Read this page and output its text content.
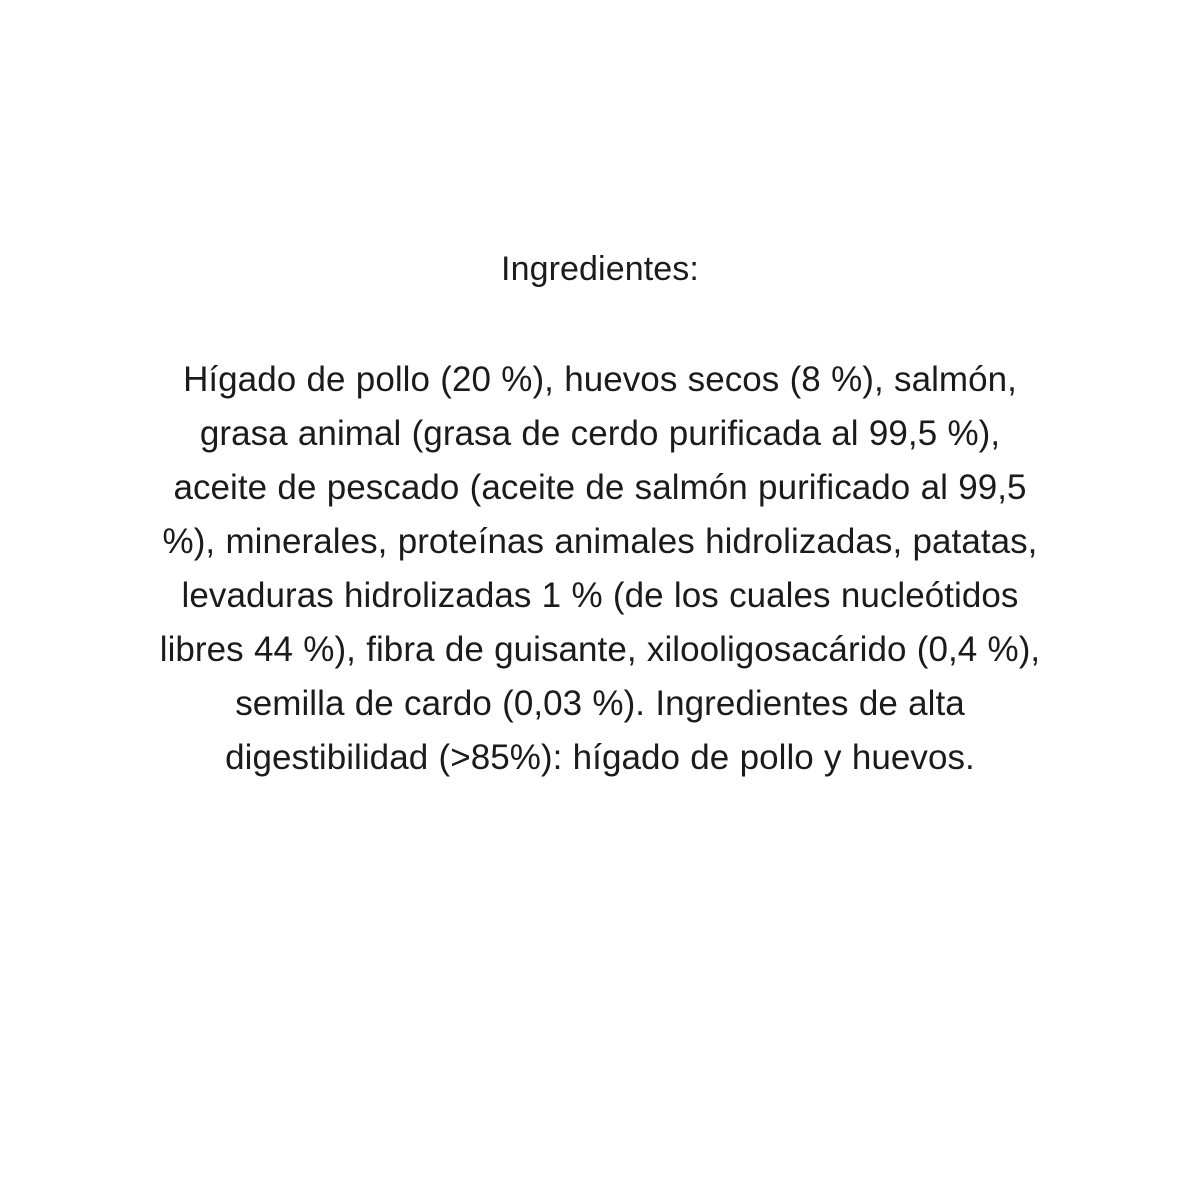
Ingredientes:

Hígado de pollo (20 %), huevos secos (8 %), salmón, grasa animal (grasa de cerdo purificada al 99,5 %), aceite de pescado (aceite de salmón purificado al 99,5 %), minerales, proteínas animales hidrolizadas, patatas, levaduras hidrolizadas 1 % (de los cuales nucleótidos libres 44 %), fibra de guisante, xilooligosacárido (0,4 %), semilla de cardo (0,03 %). Ingredientes de alta digestibilidad (>85%): hígado de pollo y huevos.
